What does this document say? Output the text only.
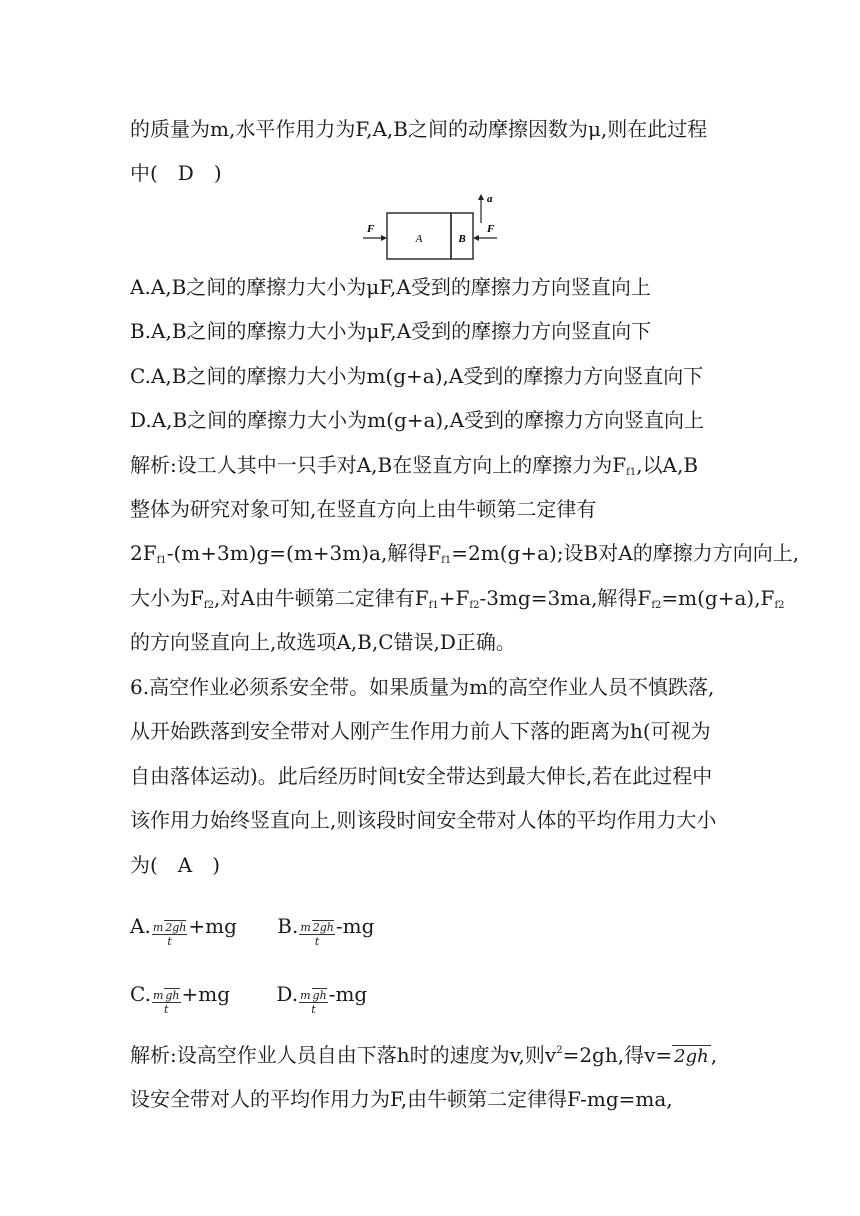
的质量为m,水平作用力为F,A,B之间的动摩擦因数为μ,则在此过程
中(　D　)
A	B
F	F
a
A.A,B之间的摩擦力大小为μF,A受到的摩擦力方向竖直向上
B.A,B之间的摩擦力大小为μF,A受到的摩擦力方向竖直向下
C.A,B之间的摩擦力大小为m(g+a),A受到的摩擦力方向竖直向下
D.A,B之间的摩擦力大小为m(g+a),A受到的摩擦力方向竖直向上
解析:设工人其中一只手对A,B在竖直方向上的摩擦力为$F_{f1}$,以A,B
整体为研究对象可知,在竖直方向上由牛顿第二定律有
$2F_{f1}-(m+3m)g=(m+3m)a$,解得$F_{f1}=2m(g+a)$;设B对A的摩擦力方向向上,
大小为$F_{f2}$,对A由牛顿第二定律有$F_{f1}+F_{f2}-3mg=3ma$,解得$F_{f2}=m(g+a),F_{f2}$
的方向竖直向上,故选项A,B,C错误,D正确。
6.高空作业必须系安全带。如果质量为m的高空作业人员不慎跌落,
从开始跌落到安全带对人刚产生作用力前人下落的距离为h(可视为
自由落体运动)。此后经历时间t安全带达到最大伸长,若在此过程中
该作用力始终竖直向上,则该段时间安全带对人体的平均作用力大小
为(　A　)
A. $\frac{m 2gh}{t} +mg$ B. $\frac{m 2gh}{t} -mg$
C. $\frac{\text{m gh}}{t} +mg$ D. $\frac{\text{m gh}}{t} -mg$
解析:设高空作业人员自由下落h时的速度为v,则$v^2=2gh$,得v= 2gh ,
设安全带对人的平均作用力为F,由牛顿第二定律得F-mg=ma,
